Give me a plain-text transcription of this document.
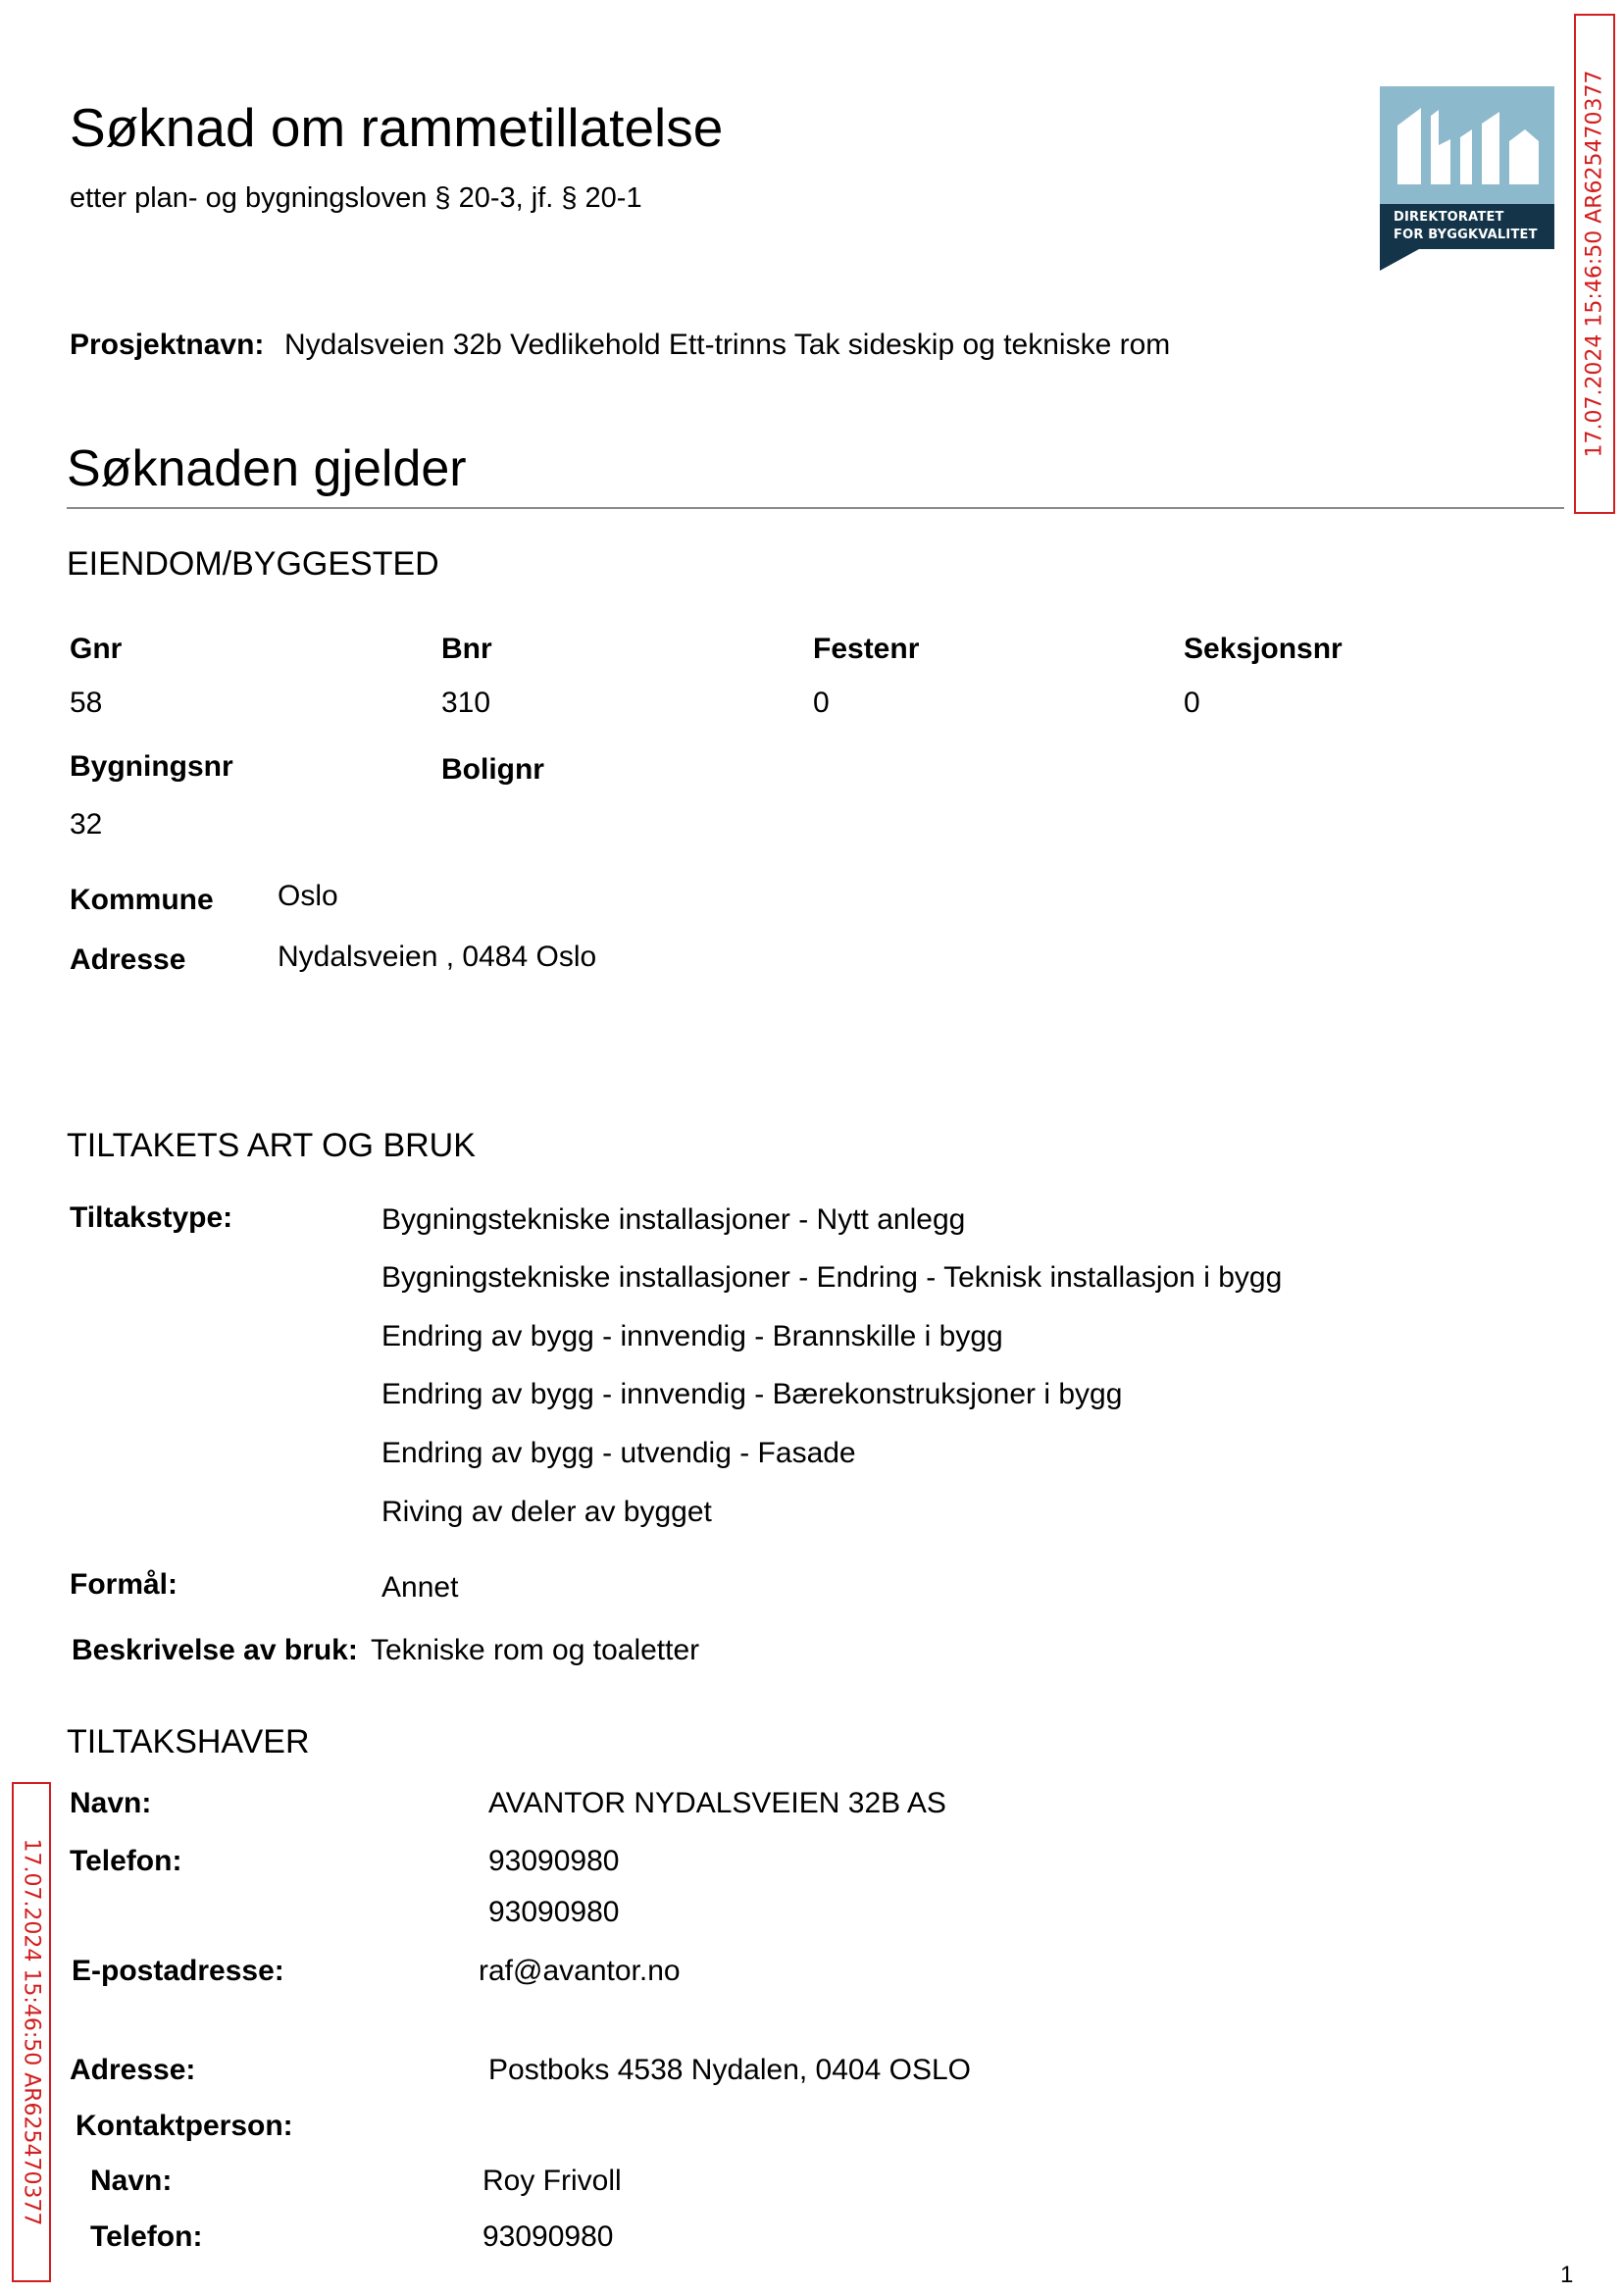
Søknad om rammetillatelse
etter plan- og bygningsloven § 20-3, jf. § 20-1
DIREKTORATET
FOR BYGGKVALITET
Prosjektnavn: Nydalsveien 32b Vedlikehold Ett-trinns Tak sideskip og tekniske rom
Søknaden gjelder
EIENDOM/BYGGESTED
Gnr	Bnr	Festenr	Seksjonsnr
58	310	0	0
Bygningsnr	Bolignr
32
Kommune Oslo
Adresse	Nydalsveien , 0484 Oslo
TILTAKETS ART OG BRUK
Tiltakstype:	Bygningstekniske installasjoner - Nytt anlegg
Bygningstekniske installasjoner - Endring - Teknisk installasjon i bygg
Endring av bygg - innvendig - Brannskille i bygg
Endring av bygg - innvendig - Bærekonstruksjoner i bygg
Endring av bygg - utvendig - Fasade
Riving av deler av bygget
Formål:	Annet
Beskrivelse av bruk: Tekniske rom og toaletter
TILTAKSHAVER
Navn:	AVANTOR NYDALSVEIEN 32B AS
Telefon:	93090980
93090980
E-postadresse:	raf@avantor.no
Adresse:	Postboks 4538 Nydalen, 0404 OSLO
Kontaktperson:
Navn:	Roy Frivoll
Telefon:	93090980
17.07.2024 15:46:50 AR625470377
17.07.2024 15:46:50 AR625470377
1
